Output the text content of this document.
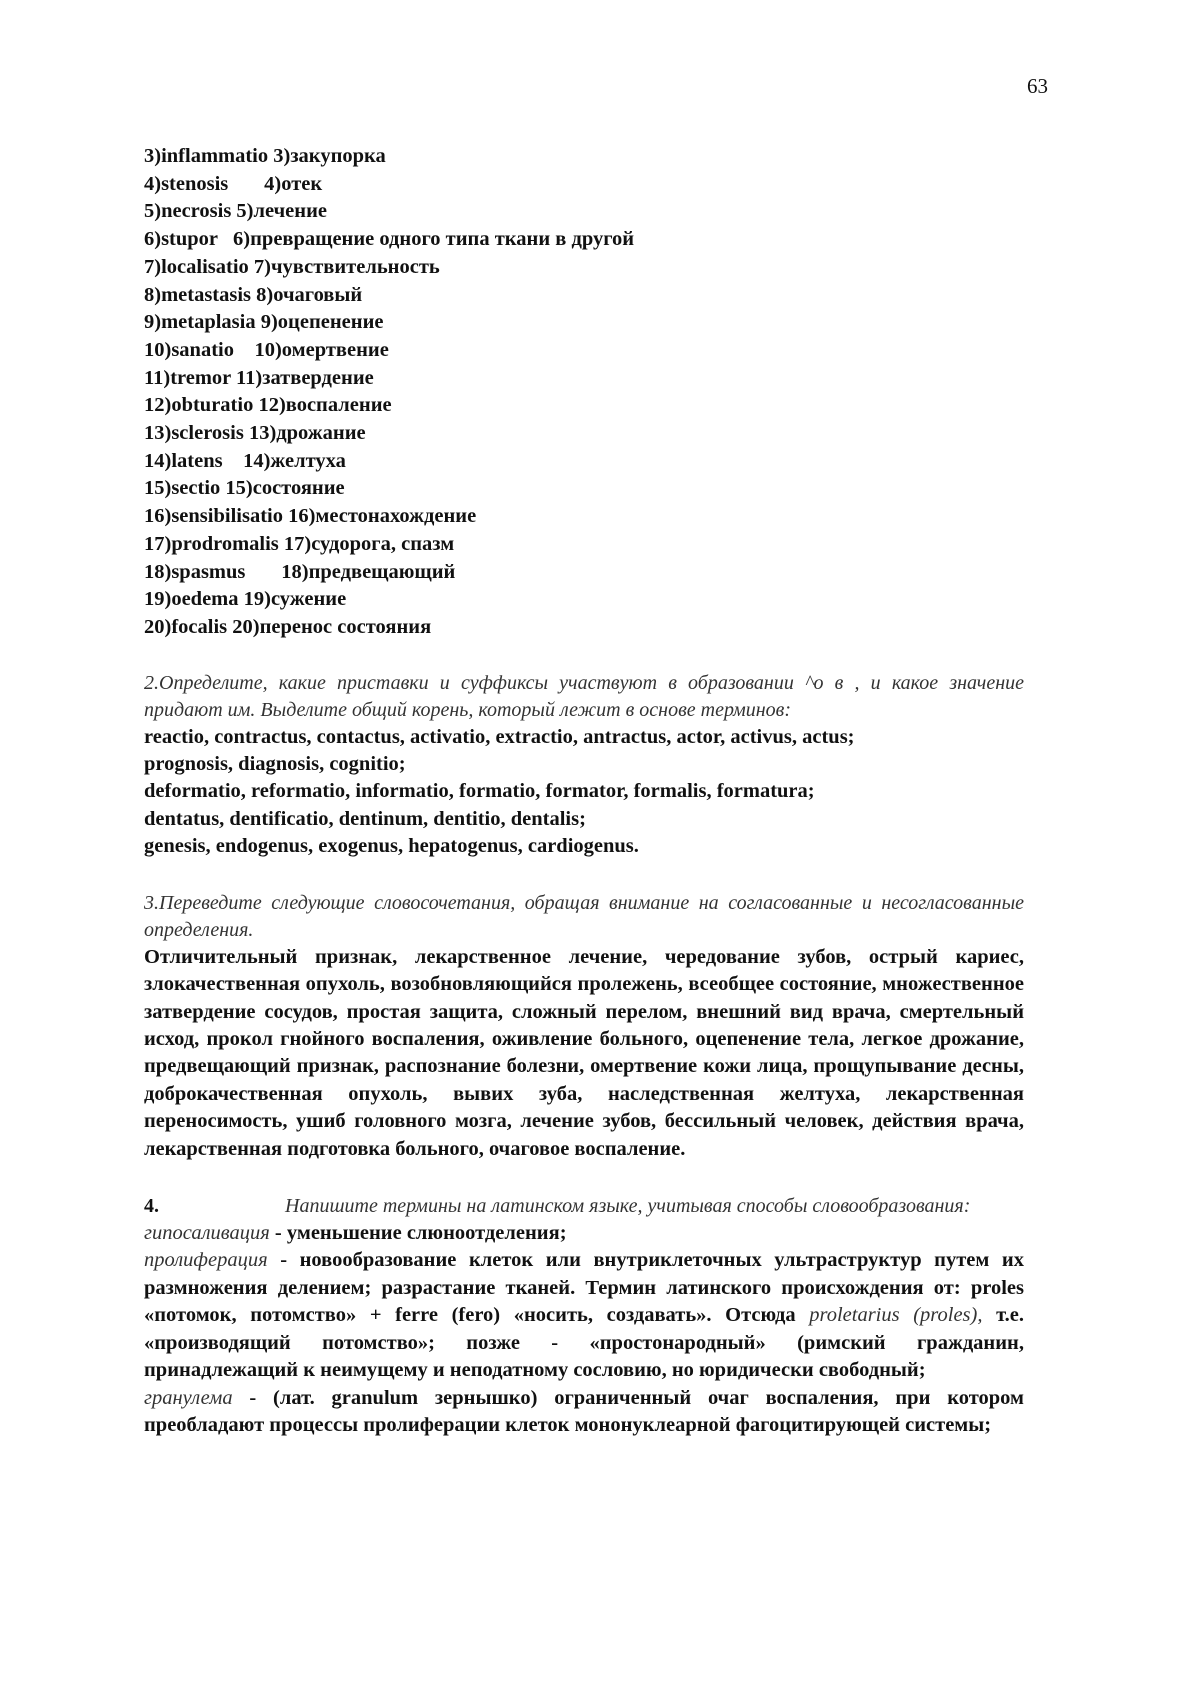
63
3)inflammatio 3)закупорка
4)stenosis       4)отек
5)necrosis 5)лечение
6)stupor   6)превращение одного типа ткани в другой
7)localisatio 7)чувствительность
8)metastasis 8)очаговый
9)metaplasia 9)оцепенение
10)sanatio    10)омертвение
11)tremor 11)затвердение
12)obturatio 12)воспаление
13)sclerosis 13)дрожание
14)latens    14)желтуха
15)sectio 15)состояние
16)sensibilisatio 16)местонахождение
17)prodromalis 17)судорога, спазм
18)spasmus       18)предвещающий
19)oedema 19)сужение
20)focalis 20)перенос состояния
2.Определите, какие приставки и суффиксы участвуют в образовании ^о в , и какое значение придают им. Выделите общий корень, который лежит в основе терминов:
reactio, contractus, contactus, activatio, extractio, antractus, actor, activus, actus;
prognosis, diagnosis, cognitio;
deformatio, reformatio, informatio, formatio, formator, formalis, formatura;
dentatus, dentificatio, dentinum, dentitio, dentalis;
genesis, endogenus, exogenus, hepatogenus, cardiogenus.
3.Переведите следующие словосочетания, обращая внимание на согласованные и несогласованные определения.
Отличительный признак, лекарственное лечение, чередование зубов, острый кариес, злокачественная опухоль, возобновляющийся пролежень, всеобщее состояние, множественное затвердение сосудов, простая защита, сложный перелом, внешний вид врача, смертельный исход, прокол гнойного воспаления, оживление больного, оцепенение тела, легкое дрожание, предвещающий признак, распознание болезни, омертвение кожи лица, прощупывание десны, доброкачественная опухоль, вывих зуба, наследственная желтуха, лекарственная переносимость, ушиб головного мозга, лечение зубов, бессильный человек, действия врача, лекарственная подготовка больного, очаговое воспаление.
4.	Напишите термины на латинском языке, учитывая способы словообразования:
гипосаливация - уменьшение слюноотделения;
пролиферация - новообразование клеток или внутриклеточных ультраструктур путем их размножения делением; разрастание тканей. Термин латинского происхождения от: proles «потомок, потомство» + ferre (fero) «носить, создавать». Отсюда proletarius (proles), т.е. «производящий потомство»; позже - «простонародный» (римский гражданин, принадлежащий к неимущему и неподатному сословию, но юридически свободный;
гранулема - (лат. granulum зернышко) ограниченный очаг воспаления, при котором преобладают процессы пролиферации клеток мононуклеарной фагоцитирующей системы;
